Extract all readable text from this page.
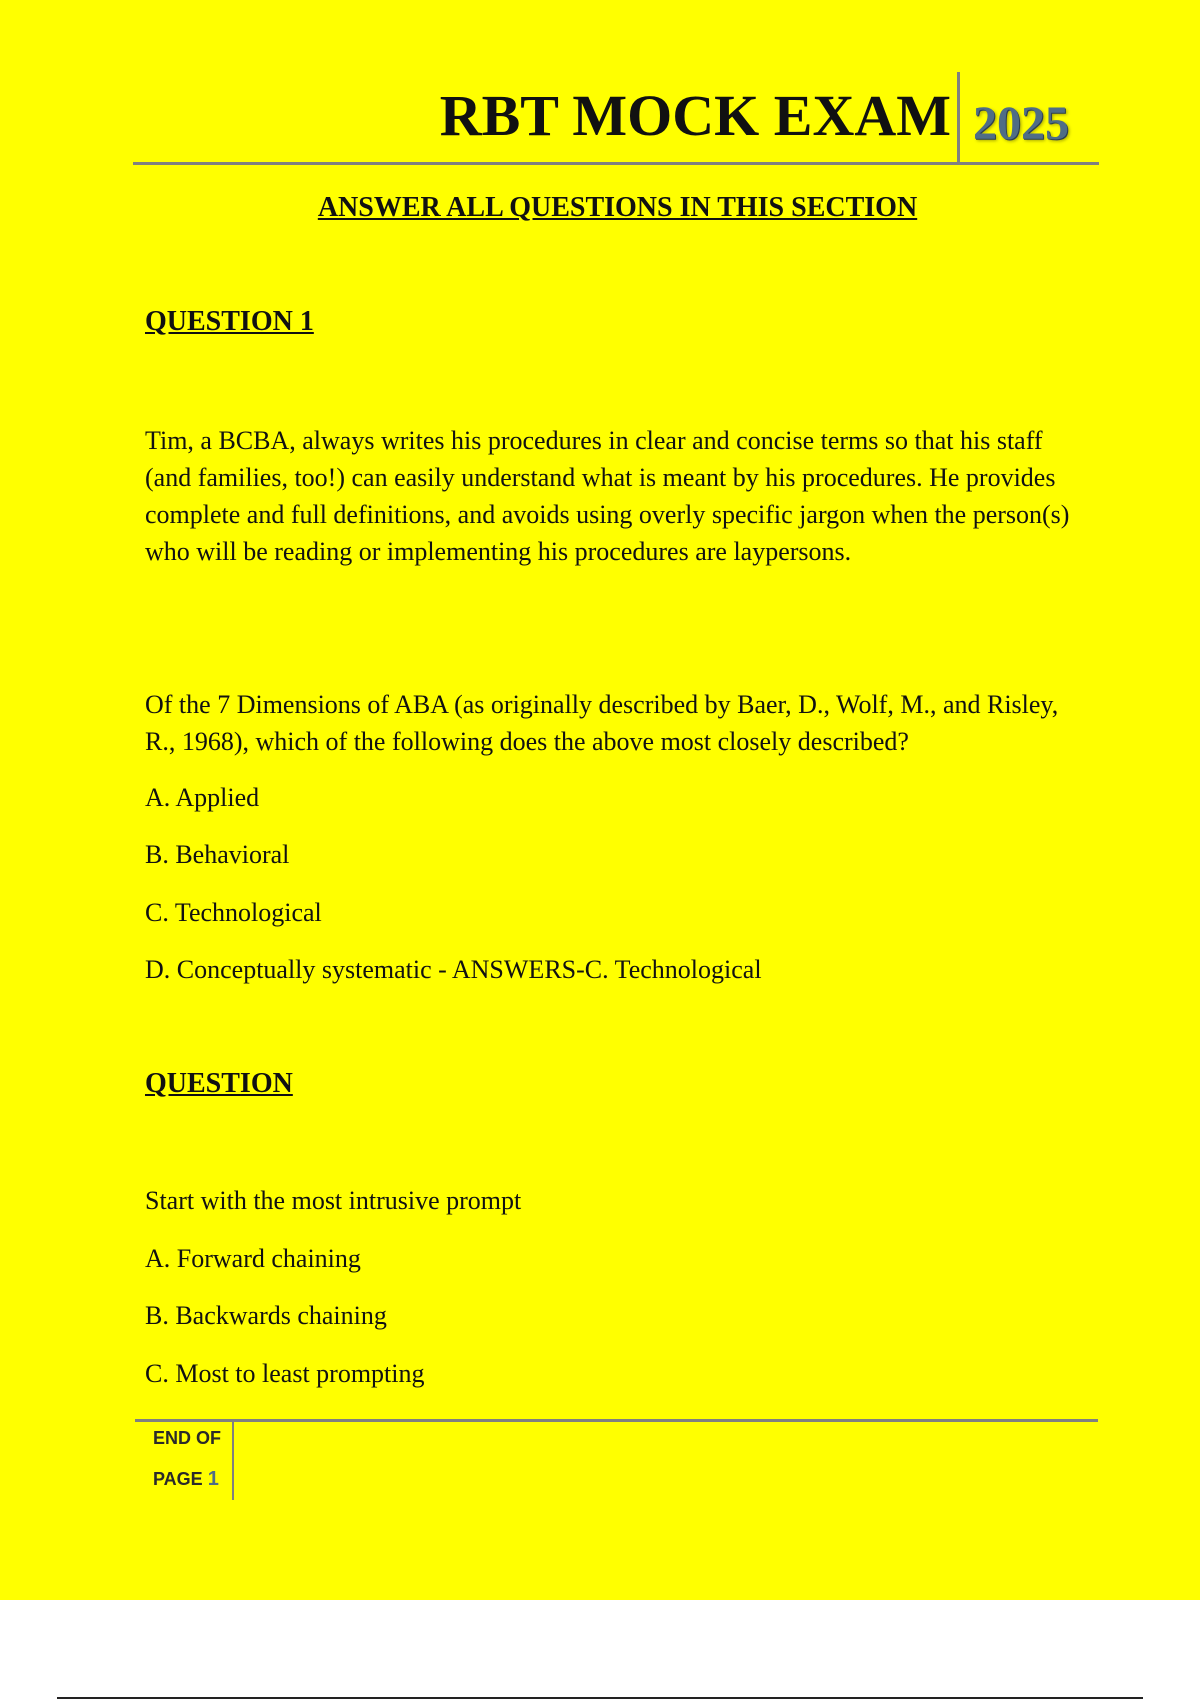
RBT MOCK EXAM 2025
ANSWER ALL QUESTIONS IN THIS SECTION
QUESTION 1
Tim, a BCBA, always writes his procedures in clear and concise terms so that his staff (and families, too!) can easily understand what is meant by his procedures. He provides complete and full definitions, and avoids using overly specific jargon when the person(s) who will be reading or implementing his procedures are laypersons.
Of the 7 Dimensions of ABA (as originally described by Baer, D., Wolf, M., and Risley, R., 1968), which of the following does the above most closely described?
A. Applied
B. Behavioral
C. Technological
D. Conceptually systematic - ANSWERS-C. Technological
QUESTION
Start with the most intrusive prompt
A. Forward chaining
B. Backwards chaining
C. Most to least prompting
END OF
PAGE 1
